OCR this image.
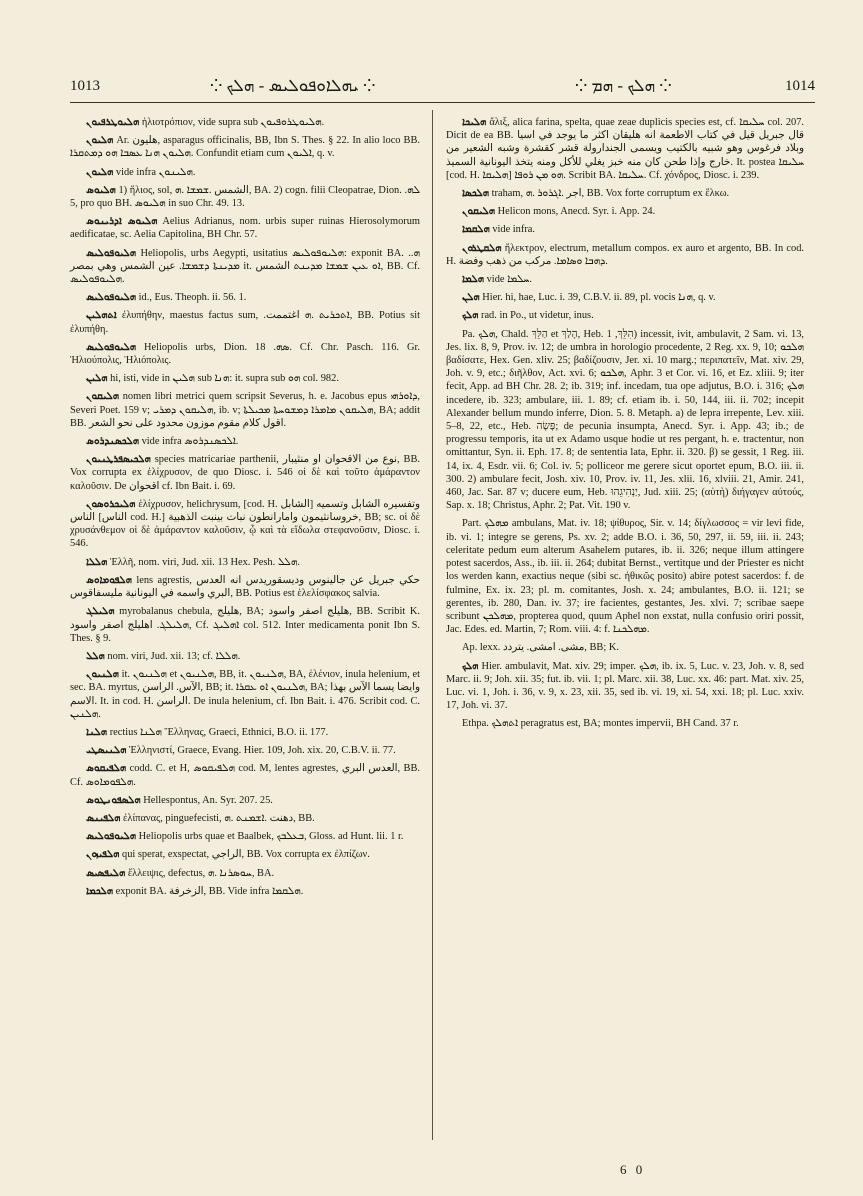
1013	⁘ ܝܗܠܐܘܦܘܠܝܣ - ܗܠܟ ⁘	⁘ ܗܠܟ - ܗܡ ⁘	1014

ܗܠܝܘܛܪܦܝܘܢ ἡλιοτρόπιον, vide supra sub ܗܠܝܘܛܪܘܦܝܘܢ.

ܗܠܝܘܢ Ar. هليون, asparagus officinalis, BB, Ibn S. Thes. § 22. In alio loco BB. ܗܠܝܘܢ ܗܢܐ ܥܣܒܐ ܗܘ ܕܡܬܩܪܐ. Confundit etiam cum ܐܠܝܘܢ, q. v.

ܗܠܝܘܢ vide infra ܗܠܝܢܘܢ.

ܗܠܝܘܣ 1) ἥλιος, sol, الشمس .ܫܡܫܐ .ܗ, BA. 2) cogn. filii Cleopatrae, Dion. ܠܗ. 5, pro quo BH. ܗܠܝܘܣ in suo Chr. 49. 13.

ܗܠܝܘܣ ܐܕܪܝܢܘܣ Aelius Adrianus, nom. urbis super ruinas Hierosolymorum aedificatae, sc. Aelia Capitolina, BH Chr. 57.

ܗܠܝܘܦܘܠܝܣ Heliopolis, urbs Aegypti, usitatius ܗܠܝܘܦܘܠܝܣ: exponit BA. .ܗ. ܡܕܝܢܬܐ ܕܫܡܫܐ. عين الشمس وهي بمصر it. ܐܘ ܥܝܢ ܫܡܫܐ ܡܕܝܢܬ الشمس, BB. Cf. ܗܠܝܘܦܘܠܝܣ.

ܗܠܝܘܦܘܠܝܣ id., Eus. Theoph. ii. 56. 1.

ܐܬܗܠܝܢ ἐλυπήθην, maestus factus sum, .ܐܬܟܪܝܬ .ܗ اغتممت, BB. Potius sit ἐλυπήθη.

ܗܠܝܘܦܘܠܝܣ Heliopolis urbs, Dion. ܣܗ. 18. Cf. Chr. Pasch. 116. Gr. Ἡλιούπολις, Ἡλιόπολις.

ܗܠܝܢ hi, isti, vide in ܗܠܝܢ sub ܗܢܐ: it. supra sub ܗܘ col. 982.

ܗܠܝܩܘܢ nomen libri metrici quem scripsit Severus, h. e. Jacobus epus ܕܐܘܪܗܝ, Severi Poet. 159 v; ܗܠܝܩܘܢ ܕܡܪܝ, ib. v; ܗܠܝܩܘܢ ܡܐܡܪܐ ܕܡܫܘܚܬܐ ܡܟܝܠܬܐ, BA; addit BB. اقول كلام مقوم موزون محدود على نحو الشعر.

ܗܠܟܣܢܕܪܘܣ vide infra ܐܠܟܣܢܕܪܘܣ.

ܗܠܟܝܣܦܪܛܢܝܘܢ species matricariae parthenii, نوع من الاقحوان او منثيبار, BB. Vox corrupta ex ἑλίχρυσον, de quo Diosc. i. 546 οἱ δὲ καὶ τοῦτο ἀμάραντον καλοῦσιν. De اقحوان cf. Ibn Bait. i. 69.

ܗܠܝܟܪܘܣܘܢ ἑλίχρυσον, helichrysum, [cod. H. الشابل] وتفسيره الشابل وتسميه الناس [الناس cod. H.] خروسانثيمون وامارانطون نبات بينبت الذهبية, BB; sc. οἱ δὲ χρυσάνθεμον οἱ δὲ ἀμάραντον καλοῦσιν, ᾧ καὶ τὰ εἴδωλα στεφανοῦσιν, Diosc. i. 546.

ܗܠܠܐ Ἑλλῆ, nom. viri, Jud. xii. 13 Hex. Pesh. ܗܠܠ.

ܗܠܦܘܡܐܘܣ lens agrestis, حكي جبريل عن جالينوس وديسقوريدس انه العدس البري واسمه في اليونانية مليسفاقوس, BB. Potius est ἑλελίσφακος salvia.

ܗܠܝܠܓ myrobalanus chebula, هليلج, BA; هليلج اصفر واسود, BB. Scribit K. ܗܠܝܠܓ. اهليلج اصفر واسود, Cf. ܐܗܠܝܓ col. 512. Inter medicamenta ponit Ibn S. Thes. § 9.

ܗܠܠ nom. viri, Jud. xii. 13; cf. ܗܠܠܐ.

ܗܠܢܝܘܢ it. ܗܠܢܝܘܢ et ܗܠܢܝܘܢ, BB, it. ܗܠܢܝܘܢ, BA, ἑλένιον, inula helenium, et sec. BA. myrtus, الآس. الراسن, BB; it. ܗܠܢܝܘܢ ܐܘ ܥܩܪܐ, BA; وايضا يسما الآس بهذا الاسم. It. in cod. H. الراسن. De inula helenium, cf. Ibn Bait. i. 476. Scribit cod. C. ܗܠܢܝܢ.

ܗܠܢܐ rectius ܗܠܢܐ Ἕλληνας, Graeci, Ethnici, B.O. ii. 177.

ܗܠܢܝܣܛܝ Ἑλληνιστί, Graece, Evang. Hier. 109, Joh. xix. 20, C.B.V. ii. 77.

ܗܠܦܝܩܘܣ codd. C. et H, ܗܠܦܝܩܘܣ cod. M, lentes agrestes, العدس البري, BB. Cf. ܗܠܦܘܡܐܘܣ.

ܗܠܣܦܘܢܛܘܣ Hellespontus, An. Syr. 207. 25.

ܗܠܦܝܢܣ ἐλίπανας, pinguefecisti, دهنت .ܐܫܡܢܬ .ܗ, BB.

ܗܠܝܘܦܘܠܝܣ Heliopolis urbs quae et Baalbek, ܒܥܠܒܟ, Gloss. ad Hunt. lii. 1 r.

ܗܠܦܝܙܘܢ qui sperat, exspectat, الراجي, BB. Vox corrupta ex ἐλπίζων.

ܗܠܝܦܣܝܣ ἔλλειψις, defectus, ܚܘܣܪܢܐ .ܗ, BA.

ܗܠܟܡܐ exponit BA. الزخرفة, BB. Vide infra ܗܠܩܡܐ.

ܗܠܝܟܐ ἄλιξ, alica farina, spelta, quae zeae duplicis species est, cf. ܚܠܝܩܐ col. 207. Dicit de ea BB. قال جبريل قيل في كتاب الاطعمة انه هليقان اكثر ما يوجد في اسيا وبلاد فرغوس وهو شبيه بالكتيب ويسمى الجندارولة قشر كقشرة وشبه الشعير من خارج وإذا طحن كان منه خبز يغلي للأكل ومنه يتخذ اليونانية السميذ. It. postea ܚܠܝܩܐ [cod. H. ܗܠܝܩܐ] ܗܘ ܡܢ ܪܘܦܐ. Scribit BA. ܚܠܝܩܐ. Cf. χόνδρος, Diosc. i. 239.

ܗܠܟܣܐ traham, اجر .ܐܓܪܘܪ .ܗ, BB. Vox forte corruptum ex ἕλκω.

ܗܠܝܩܘܢ Helicon mons, Anecd. Syr. i. App. 24.

ܗܠܩܡܐ vide infra.

ܗܠܩܛܪܘܢ ἤλεκτρον, electrum, metallum compos. ex auro et argento, BB. In cod. H. ܕܗܒܐ ܘܣܐܡܐ. مركب من ذهب وفضة.

ܗܠܡܐ vide ܚܠܡܐ.

ܗܠܢ Hier. hi, hae, Luc. i. 39, C.B.V. ii. 89, pl. vocis ܗܢܐ, q. v.

ܗܠܟ rad. in Po., ut videtur, inus.

Pa. ܗܠܟ, Chald. הַלֵּךְ et הָלַךְ, Heb. הִלֵּךְ, 1) incessit, ivit, ambulavit, 2 Sam. vi. 13, Jes. lix. 8, 9, Prov. iv. 12; de umbra in horologio procedente, 2 Reg. xx. 9, 10; ܗܠܟܘ βαδίσατε, Hex. Gen. xliv. 25; βαδίζουσιν, Jer. xi. 10 marg.; περιπατεῖν, Mat. xiv. 29, Joh. v. 9, etc.; διῆλθον, Act. xvi. 6; ܗܠܟܘ, Aphr. 3 et Cor. vi. 16, et Ez. xliii. 9; iter fecit, App. ad BH Chr. 28. 2; ib. 319; inf. incedam, tua ope adjutus, B.O. i. 316; ܗܠܟ incedere, ib. 323; ambulare, iii. 1. 89; cf. etiam ib. i. 50, 144, iii. ii. 702; incepit Alexander bellum mundo inferre, Dion. 5. 8. Metaph. a) de lepra irrepente, Lev. xiii. 5–8, 22, etc., Heb. פָּשָׂה; de pecunia insumpta, Anecd. Syr. i. App. 43; ib.; de progressu temporis, ita ut ex Adamo usque hodie ut res pergant, h. e. tractentur, non omittantur, Syn. ii. Eph. 17. 8; de sententia lata, Ephr. ii. 320. β) se gessit, 1 Reg. iii. 14, ix. 4, Esdr. vii. 6; Col. iv. 5; polliceor me gerere sicut oportet epum, B.O. iii. ii. 300. 2) ambulare fecit, Josh. xiv. 10, Prov. iv. 11, Jes. xlii. 16, xlviii. 21, Amir. 241, 460, Jac. Sar. 87 v; ducere eum, Heb. יַנְהִיגֵהוּ, Jud. xiii. 25; (αὐτὴ) διήγαγεν αὐτούς, Sap. x. 18; Christus, Aphr. 2; Pat. Vit. 190 v.

Part. ܡܗܠܟ ambulans, Mat. iv. 18; ψίθυρος, Sir. v. 14; δίγλωσσος = vir levi fide, ib. vi. 1; integre se gerens, Ps. xv. 2; adde B.O. i. 36, 50, 297, ii. 59, iii. ii. 243; celeritate pedum eum alterum Asahelem putares, ib. ii. 326; neque illum attingere potest sacerdos, Ass., ib. iii. ii. 264; dubitat Bernst., vertitque und der Priester es nicht los werden kann, exactius neque (sibi sc. ἠθικῶς posito) abire potest sacerdos: f. de fulmine, Ex. ix. 23; pl. m. comitantes, Josh. x. 24; ambulantes, B.O. ii. 121; se gerentes, ib. 280, Dan. iv. 37; ire facientes, gestantes, Jes. xlvi. 7; scribae saepe scribunt ܡܗܠܟܢ, propterea quod, quum Aphel non exstat, nulla confusio oriri possit, Jac. Edes. ed. Martin, 7; Rom. viii. 4: f. ܡܗܠܟܢܐ.

Ap. lexx. مشى. امشى. يتردد, BB; K.

ܗܠܟ Hier. ambulavit, Mat. xiv. 29; imper. ܗܠܟ, ib. ix. 5, Luc. v. 23, Joh. v. 8, sed Marc. ii. 9; Joh. xii. 35; fut. ib. vii. 1; pl. Marc. xii. 38, Luc. xx. 46: part. Mat. xiv. 25, Luc. vi. 1, Joh. i. 36, v. 9, x. 23, xii. 35, sed ib. vi. 19, xi. 54, xxi. 18; pl. Luc. xxiv. 17, Joh. vi. 37.

Ethpa. ܐܬܗܠܟ peragratus est, BA; montes impervii, BH Cand. 37 r.

6 0
